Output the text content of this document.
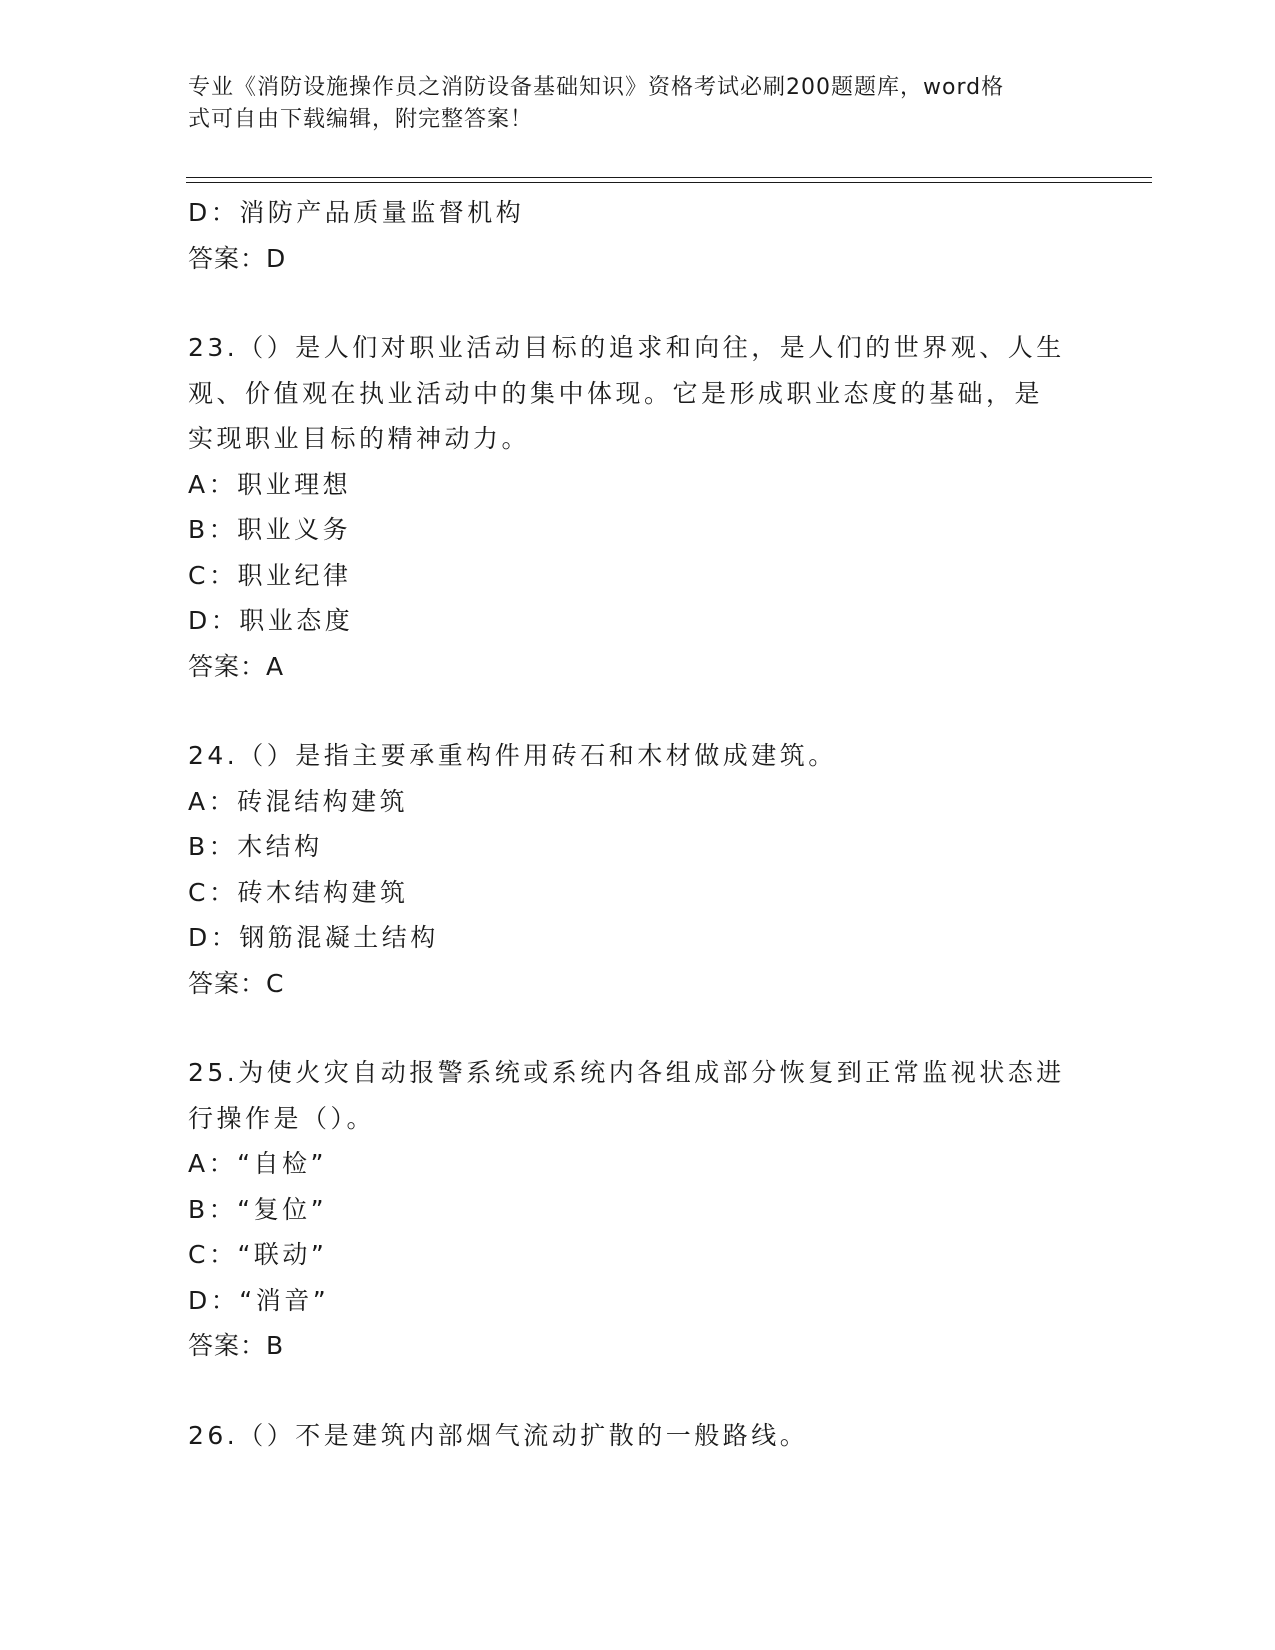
专业《消防设施操作员之消防设备基础知识》资格考试必刷200题题库，word格
式可自由下载编辑，附完整答案！
D：消防产品质量监督机构
答案：D
23.（）是人们对职业活动目标的追求和向往，是人们的世界观、人生
观、价值观在执业活动中的集中体现。它是形成职业态度的基础，是
实现职业目标的精神动力。
A：职业理想
B：职业义务
C：职业纪律
D：职业态度
答案：A
24.（）是指主要承重构件用砖石和木材做成建筑。
A：砖混结构建筑
B：木结构
C：砖木结构建筑
D：钢筋混凝土结构
答案：C
25.为使火灾自动报警系统或系统内各组成部分恢复到正常监视状态进
行操作是（）。
A：“自检”
B：“复位”
C：“联动”
D：“消音”
答案：B
26.（）不是建筑内部烟气流动扩散的一般路线。
